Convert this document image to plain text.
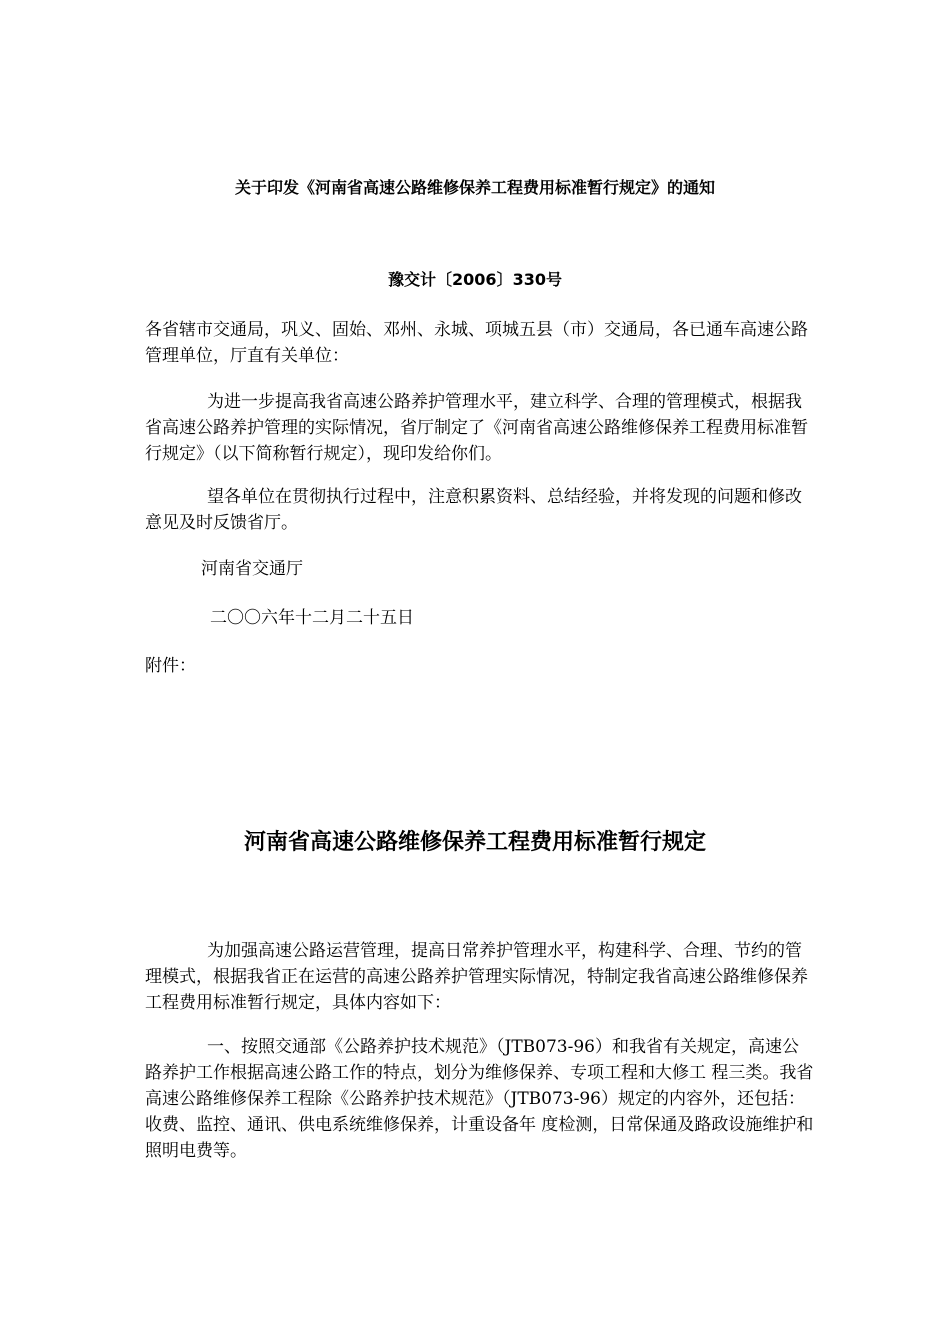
关于印发《河南省高速公路维修保养工程费用标准暂行规定》的通知

豫交计〔2006〕330号

各省辖市交通局，巩义、固始、邓州、永城、项城五县（市）交通局，各已通车高速公路管理单位，厅直有关单位：

为进一步提高我省高速公路养护管理水平，建立科学、合理的管理模式，根据我省高速公路养护管理的实际情况，省厅制定了《河南省高速公路维修保养工程费用标准暂行规定》（以下简称暂行规定），现印发给你们。

望各单位在贯彻执行过程中，注意积累资料、总结经验，并将发现的问题和修改意见及时反馈省厅。

河南省交通厅

二〇〇六年十二月二十五日

附件：

河南省高速公路维修保养工程费用标准暂行规定

为加强高速公路运营管理，提高日常养护管理水平，构建科学、合理、节约的管理模式，根据我省正在运营的高速公路养护管理实际情况，特制定我省高速公路维修保养工程费用标准暂行规定，具体内容如下：

一、按照交通部《公路养护技术规范》（JTB073-96）和我省有关规定，高速公路养护工作根据高速公路工作的特点，划分为维修保养、专项工程和大修工 程三类。我省高速公路维修保养工程除《公路养护技术规范》（JTB073-96）规定的内容外，还包括：收费、监控、通讯、供电系统维修保养，计重设备年 度检测，日常保通及路政设施维护和照明电费等。
